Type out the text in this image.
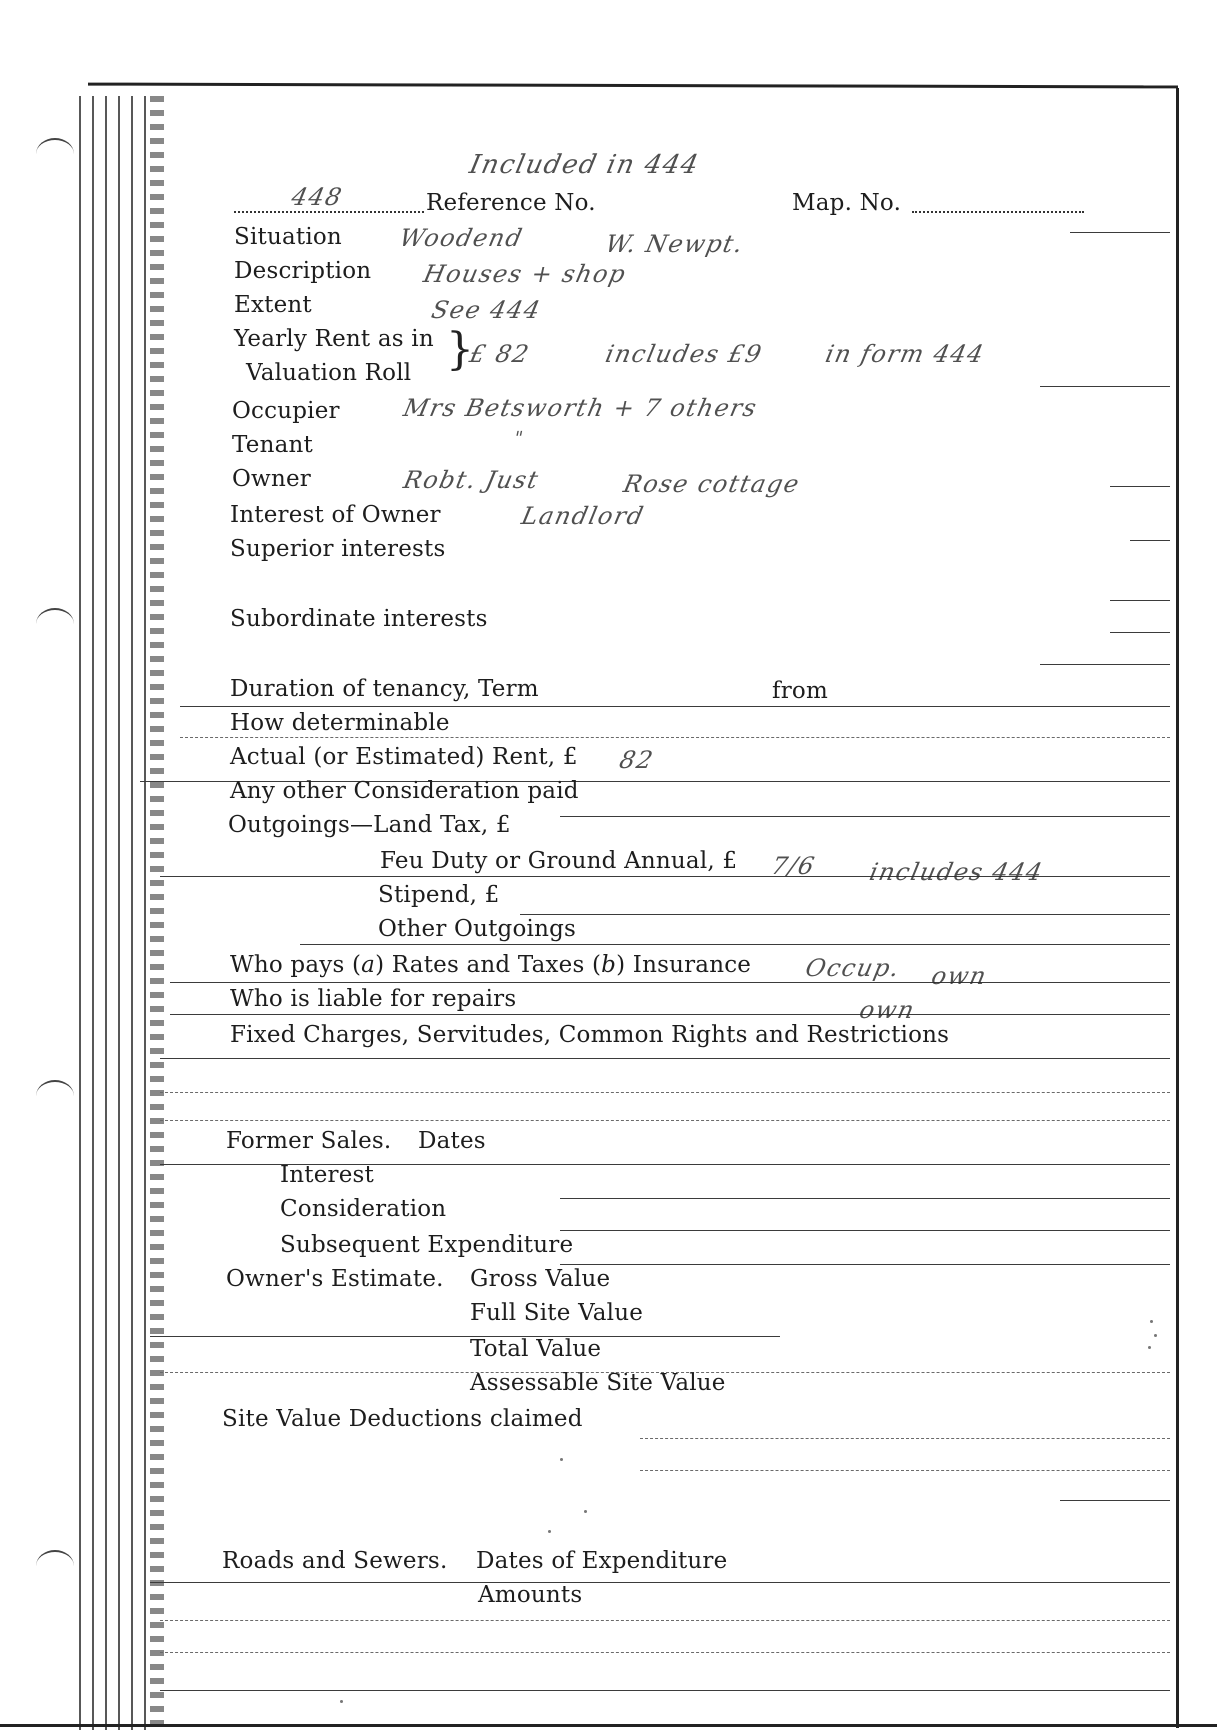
Included in 444
448	Reference No.	Map. No.
Situation Woodend	W. Newpt.
Description Houses + shop
Extent	See 444
Yearly Rent as in
Valuation Roll }
£ 82	includes £9 in form 444
Occupier	Mrs Betsworth + 7 others
Tenant	"
Owner	Robt. Just	Rose cottage
Interest of Owner	Landlord
Superior interests
Subordinate interests
Duration of tenancy, Term	from
How determinable
Actual (or Estimated) Rent, £ 82
Any other Consideration paid
Outgoings—Land Tax, £
Feu Duty or Ground Annual, £ 7/6 includes 444
Stipend, £
Other Outgoings
Who pays (a) Rates and Taxes (b) Insurance Occup. own
Who is liable for repairs	own
Fixed Charges, Servitudes, Common Rights and Restrictions
Former Sales. Dates
Interest
Consideration
Subsequent Expenditure
Owner's Estimate. Gross Value
Full Site Value
Total Value
Assessable Site Value
Site Value Deductions claimed
Roads and Sewers. Dates of Expenditure
Amounts
